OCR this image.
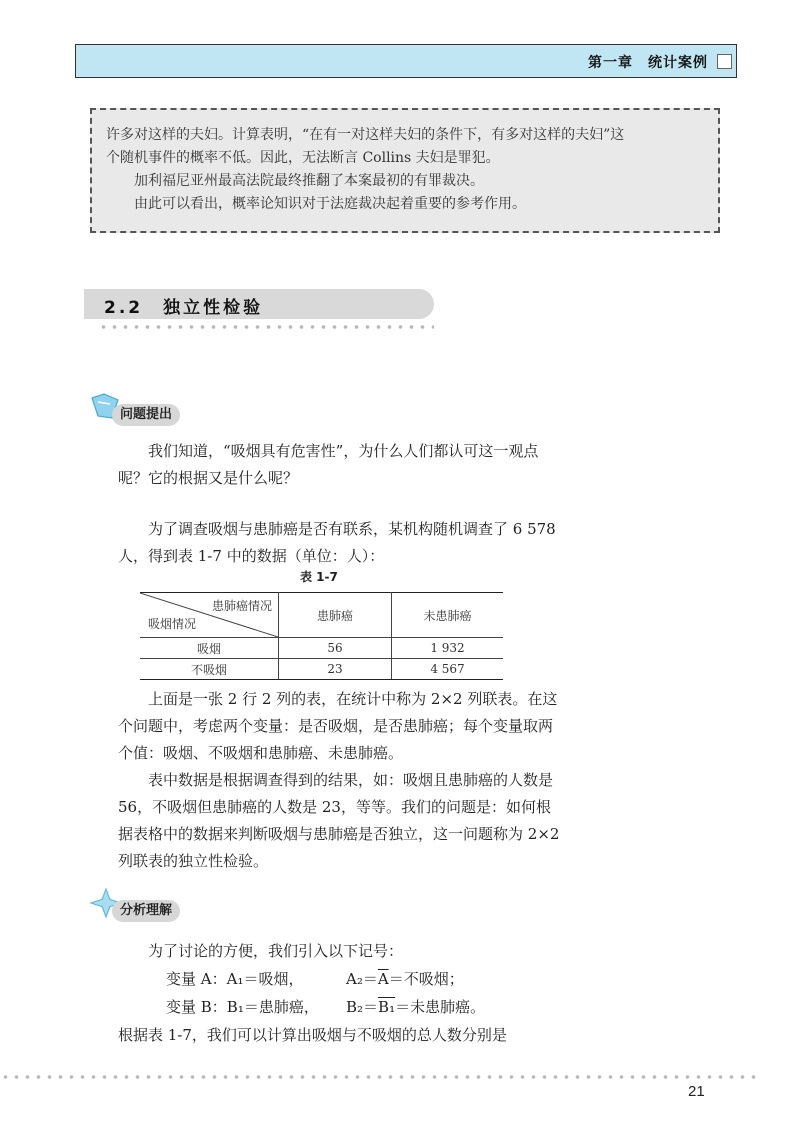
第一章　统计案例

许多对这样的夫妇。计算表明，“在有一对这样夫妇的条件下，有多对这样的夫妇”这

个随机事件的概率不低。因此，无法断言 Collins 夫妇是罪犯。

加利福尼亚州最高法院最终推翻了本案最初的有罪裁决。

由此可以看出，概率论知识对于法庭裁决起着重要的参考作用。

2.2　独立性检验
问题提出

我们知道，“吸烟具有危害性”，为什么人们都认可这一观点呢？它的根据又是什么呢？

为了调查吸烟与患肺癌是否有联系，某机构随机调查了 6 578 人，得到表 1-7 中的数据（单位：人）：

表 1-7
患肺癌情况
吸烟情况	患肺癌	未患肺癌
吸烟	56	1 932
不吸烟	23	4 567

上面是一张 2 行 2 列的表，在统计中称为 2×2 列联表。在这个问题中，考虑两个变量：是否吸烟，是否患肺癌；每个变量取两个值：吸烟、不吸烟和患肺癌、未患肺癌。

表中数据是根据调查得到的结果，如：吸烟且患肺癌的人数是 56，不吸烟但患肺癌的人数是 23，等等。我们的问题是：如何根据表格中的数据来判断吸烟与患肺癌是否独立，这一问题称为 2×2 列联表的独立性检验。

分析理解

为了讨论的方便，我们引入以下记号：

变量 A：A₁＝吸烟，	$A_2=\overline{A}=$不吸烟；
变量 B：B₁＝患肺癌， B₂＝B₁＝未患肺癌。

根据表 1-7，我们可以计算出吸烟与不吸烟的总人数分别是

21
